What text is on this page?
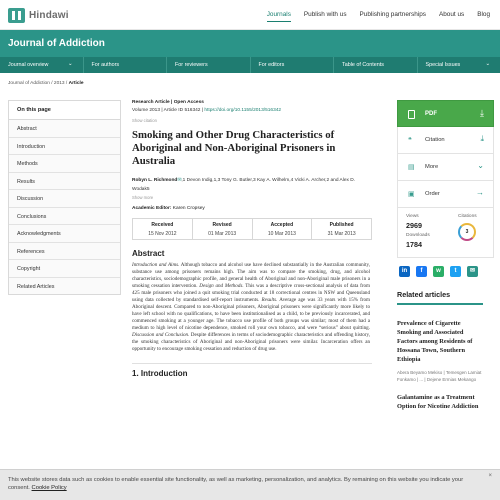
Hindawi	Journals Publish with us Publishing partnerships About us Blog
Journal of Addiction
Journal overview	⌄	For authors	For reviewers	For editors	Table of Contents	Special Issues	⌄
Journal of Addiction / 2013 / Article
On this page
Abstract
Introduction
Methods
Results
Discussion
Conclusions
Acknowledgments
References
Copyright
Related Articles
Research Article | Open Access
Volume 2013 | Article ID 516342 | https://doi.org/10.1155/2013/516342
Show citation
Smoking and Other Drug Characteristics of Aboriginal and Non-Aboriginal Prisoners in Australia
Robyn L. Richmond✉,1 Devon Indig,1,3 Tony G. Butler,3 Kay A. Wilhelm,4 Vicki A. Archer,2 and Alex D. Wodak5
Show more
Academic Editor: Karen Cropsey
Received
15 Nov 2012
Revised
01 Mar 2013
Accepted
10 Mar 2013
Published
31 Mar 2013
Abstract
Introduction and Aims. Although tobacco and alcohol use have declined substantially in the Australian community, substance use among prisoners remains high. The aim was to compare the smoking, drug, and alcohol characteristics, sociodemographic profile, and general health of Aboriginal and non-Aboriginal male prisoners in a smoking cessation intervention. Design and Methods. This was a descriptive cross-sectional analysis of data from 425 male prisoners who joined a quit smoking trial conducted at 18 correctional centres in NSW and Queensland using data collected by standardised self-report instruments. Results. Average age was 33 years with 15% from Aboriginal descent. Compared to non-Aboriginal prisoners, Aboriginal prisoners were significantly more likely to have left school with no qualifications, to have been institutionalised as a child, to be previously incarcerated, and commenced smoking at a younger age. The tobacco use profile of both groups was similar; most of them had a medium to high level of nicotine dependence, smoked roll your own tobacco, and were “serious” about quitting. Discussion and Conclusion. Despite differences in terms of sociodemographic characteristics and offending history, the smoking characteristics of Aboriginal and non-Aboriginal prisoners were similar. Incarceration offers an opportunity to encourage smoking cessation and reduction of drug use.
1. Introduction
PDF	⤓
❝ Citation	⤓
▤ More	⌄
▣ Order	→
Views
2969
Downloads
1784
Citations
3
in	f	w	t	✉
Related articles
Prevalence of Cigarette Smoking and Associated Factors among Residents of Hossana Town, Southern Ethiopia
Abera Beyamo Mekiso | Temesgen Lamiat Fonkamo | ... | Dejene Ermias Mekango
Galantamine as a Treatment Option for Nicotine Addiction
This website stores data such as cookies to enable essential site functionality, as well as marketing, personalization, and analytics. By remaining on this website you indicate your consent. Cookie Policy
×
